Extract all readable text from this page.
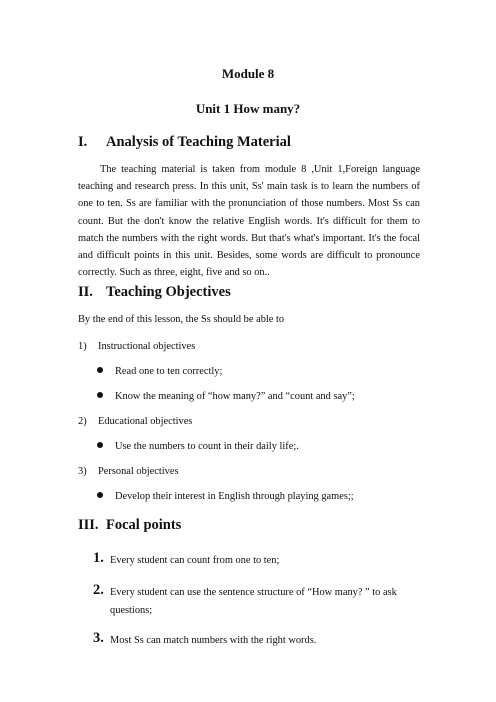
Module 8
Unit 1 How many?
I. Analysis of Teaching Material

The teaching material is taken from module 8 ,Unit 1,Foreign language teaching and research press. In this unit, Ss' main task is to learn the numbers of one to ten. Ss are familiar with the pronunciation of those numbers. Most Ss can count. But the don't know the relative English words. It's difficult for them to match the numbers with the right words. But that's what's important. It's the focal and difficult points in this unit. Besides, some words are difficult to pronounce correctly. Such as three, eight, five and so on..

II. Teaching Objectives
By the end of this lesson, the Ss should be able to
1) Instructional objectives
Read one to ten correctly;
Know the meaning of “how many?” and “count and say”;
2) Educational objectives
Use the numbers to count in their daily life;.
3) Personal objectives
Develop their interest in English through playing games;;
III. Focal points
1. Every student can count from one to ten;
2. Every student can use the sentence structure of “How many? ” to ask questions;
3. Most Ss can match numbers with the right words.
